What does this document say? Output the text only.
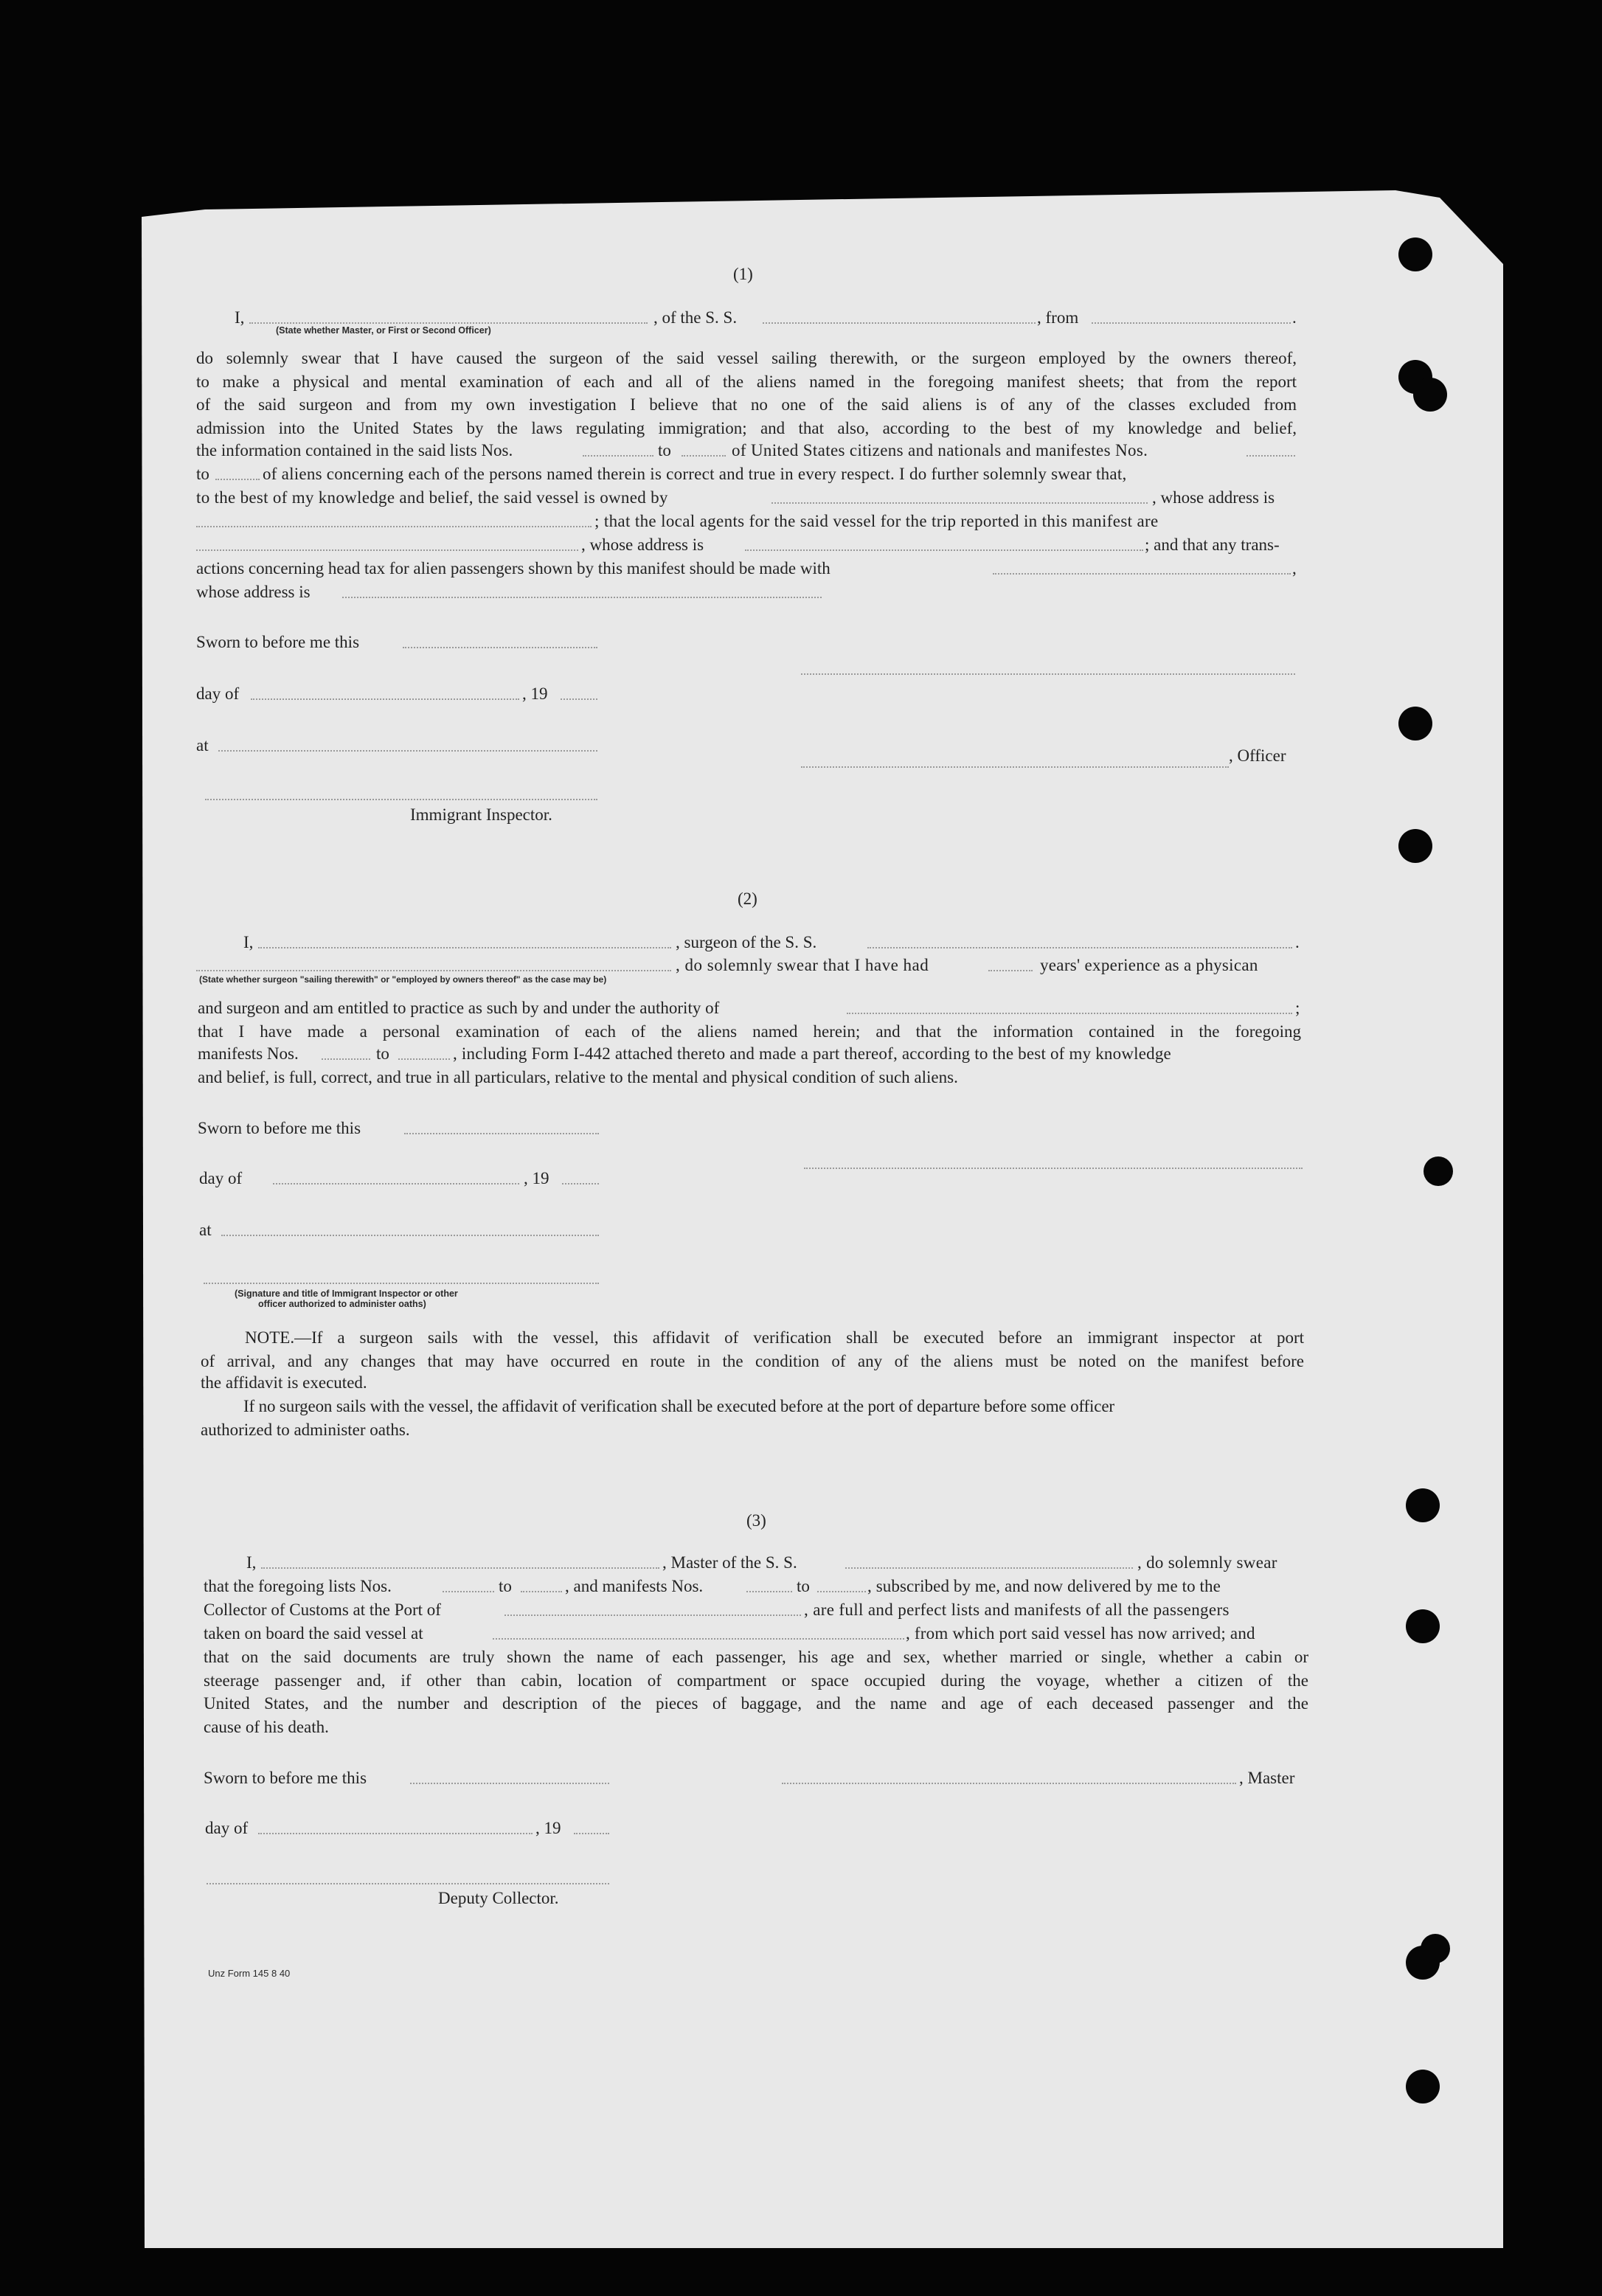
(1)
I,	, of the S. S.	, from	.
(State whether Master, or First or Second Officer)
do solemnly swear that I have caused the surgeon of the said vessel sailing therewith, or the surgeon employed by the owners thereof,
to make a physical and mental examination of each and all of the aliens named in the foregoing manifest sheets; that from the report
of the said surgeon and from my own investigation I believe that no one of the said aliens is of any of the classes excluded from
admission into the United States by the laws regulating immigration; and that also, according to the best of my knowledge and belief,
the information contained in the said lists Nos.	to	of United States citizens and nationals and manifestes Nos.
to	of aliens concerning each of the persons named therein is correct and true in every respect. I do further solemnly swear that,
to the best of my knowledge and belief, the said vessel is owned by	, whose address is
; that the local agents for the said vessel for the trip reported in this manifest are
, whose address is	; and that any trans-
actions concerning head tax for alien passengers shown by this manifest should be made with	,
whose address is
Sworn to before me this
day of	, 19
at
, Officer
Immigrant Inspector.
(2)
I,	, surgeon of the S. S.	.
, do solemnly swear that I have had	years' experience as a physican
(State whether surgeon "sailing therewith" or "employed by owners thereof" as the case may be)
and surgeon and am entitled to practice as such by and under the authority of	;
that I have made a personal examination of each of the aliens named herein; and that the information contained in the foregoing
manifests Nos.	to	, including Form I-442 attached thereto and made a part thereof, according to the best of my knowledge
and belief, is full, correct, and true in all particulars, relative to the mental and physical condition of such aliens.
Sworn to before me this
day of	, 19
at
(Signature and title of Immigrant Inspector or other
officer authorized to administer oaths)
NOTE.—If a surgeon sails with the vessel, this affidavit of verification shall be executed before an immigrant inspector at port
of arrival, and any changes that may have occurred en route in the condition of any of the aliens must be noted on the manifest before
the affidavit is executed.
If no surgeon sails with the vessel, the affidavit of verification shall be executed before at the port of departure before some officer
authorized to administer oaths.
(3)
I,	, Master of the S. S.	, do solemnly swear
that the foregoing lists Nos.	to	, and manifests Nos.	to	, subscribed by me, and now delivered by me to the
Collector of Customs at the Port of	, are full and perfect lists and manifests of all the passengers
taken on board the said vessel at	, from which port said vessel has now arrived; and
that on the said documents are truly shown the name of each passenger, his age and sex, whether married or single, whether a cabin or
steerage passenger and, if other than cabin, location of compartment or space occupied during the voyage, whether a citizen of the
United States, and the number and description of the pieces of baggage, and the name and age of each deceased passenger and the
cause of his death.
Sworn to before me this	, Master
day of	, 19
Deputy Collector.
Unz Form 145 8 40
